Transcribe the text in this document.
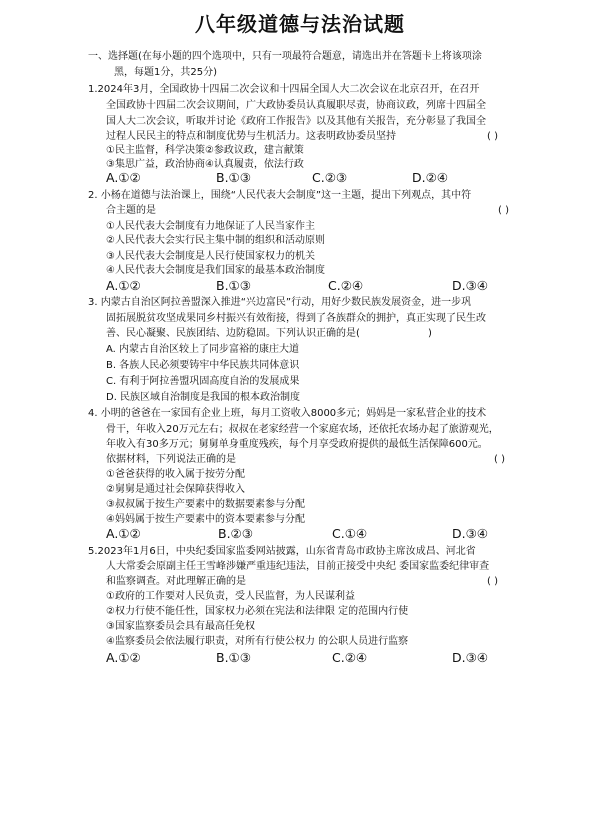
八年级道德与法治试题
一、选择题(在每小题的四个选项中，只有一项最符合题意，请选出并在答题卡上将该项涂
黑，每题1分，共25分)
1.2024年3月，全国政协十四届二次会议和十四届全国人大二次会议在北京召开，在召开
全国政协十四届二次会议期间，广大政协委员认真履职尽责，协商议政，列席十四届全
国人大二次会议，听取并讨论《政府工作报告》以及其他有关报告，充分彰显了我国全
过程人民民主的特点和制度优势与生机活力。这表明政协委员坚持	( )
①民主监督，科学决策②参政议政，建言献策
③集思广益，政治协商④认真履责，依法行政
A.①②	B.①③	C.②③	D.②④
2. 小杨在道德与法治课上，围绕“人民代表大会制度”这一主题，提出下列观点，其中符
合主题的是	( )
①人民代表大会制度有力地保证了人民当家作主
②人民代表大会实行民主集中制的组织和活动原则
③人民代表大会制度是人民行使国家权力的机关
④人民代表大会制度是我们国家的最基本政治制度
A.①②	B.①③	C.②④	D.③④
3. 内蒙古自治区阿拉善盟深入推进“兴边富民”行动，用好少数民族发展资金，进一步巩
固拓展脱贫攻坚成果同乡村振兴有效衔接，得到了各族群众的拥护，真正实现了民生改
善、民心凝聚、民族团结、边防稳固。下列认识正确的是(	)
A. 内蒙古自治区较上了同步富裕的康庄大道
B. 各族人民必须要铸牢中华民族共同体意识
C. 有利于阿拉善盟巩固高度自治的发展成果
D. 民族区域自治制度是我国的根本政治制度
4. 小明的爸爸在一家国有企业上班，每月工资收入8000多元；妈妈是一家私营企业的技术
骨干，年收入20万元左右；叔叔在老家经营一个家庭农场，还依托农场办起了旅游观光，
年收入有30多万元；舅舅单身重度残疾，每个月享受政府提供的最低生活保障600元。
依据材料，下列说法正确的是	( )
①爸爸获得的收入属于按劳分配
②舅舅是通过社会保障获得收入
③叔叔属于按生产要素中的数据要素参与分配
④妈妈属于按生产要素中的资本要素参与分配
A.①②	B.②③	C.①④	D.③④
5.2023年1月6日，中央纪委国家监委网站披露，山东省青岛市政协主席汝成昌、河北省
人大常委会原副主任王雪峰涉嫌严重违纪违法，目前正接受中央纪 委国家监委纪律审查
和监察调查。对此理解正确的是	( )
①政府的工作要对人民负责，受人民监督，为人民谋利益
②权力行使不能任性，国家权力必须在宪法和法律限 定的范围内行使
③国家监察委员会具有最高任免权
④监察委员会依法履行职责，对所有行使公权力 的公职人员进行监察
A.①②	B.①③	C.②④	D.③④
